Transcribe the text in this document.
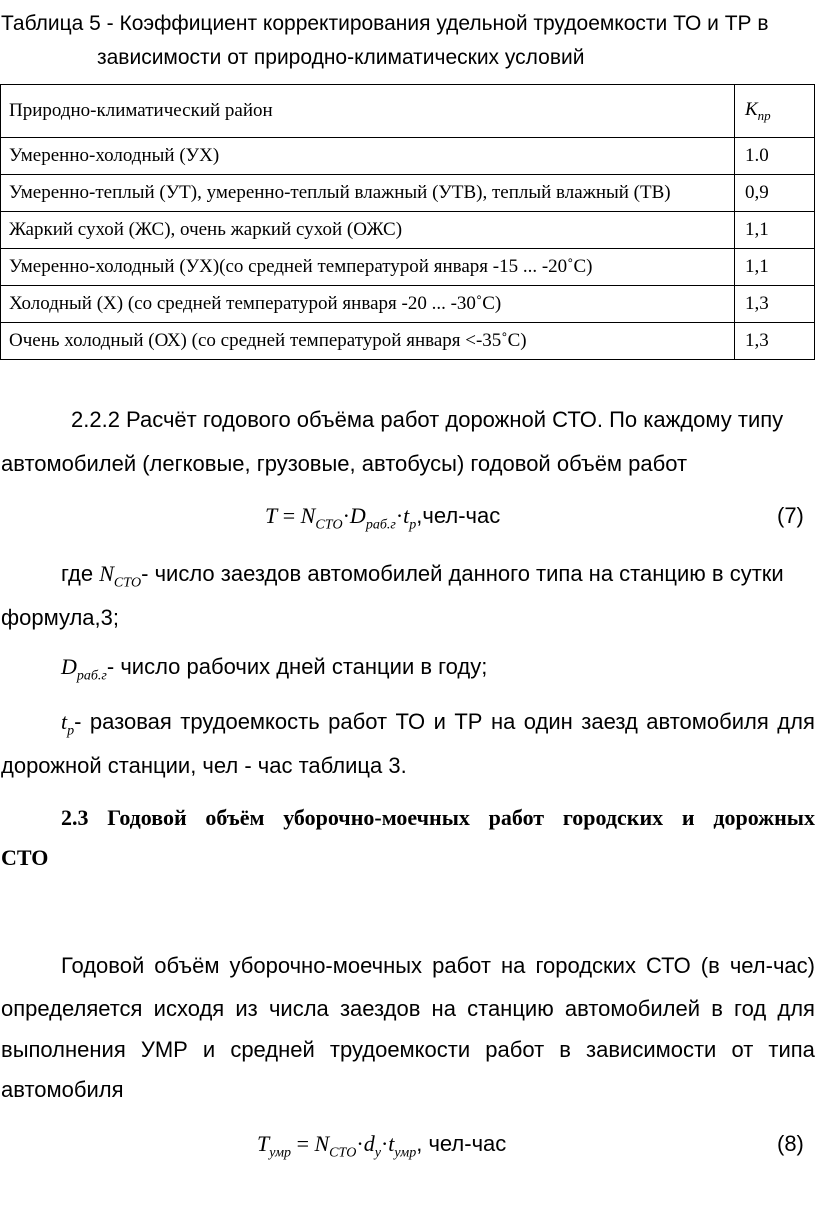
Таблица 5 - Коэффициент корректирования удельной трудоемкости ТО и ТР в
зависимости от природно-климатических условий
Природно-климатический район	$К_{пр}$
Умеренно-холодный (УХ)	1.0
Умеренно-теплый (УТ), умеренно-теплый влажный (УТВ), теплый влажный (ТВ)	0,9
Жаркий сухой (ЖС), очень жаркий сухой (ОЖС)	1,1
Умеренно-холодный (УХ)(со средней температурой января -15 ... -20˚С)	1,1
Холодный (Х) (со средней температурой января -20 ... -30˚С)	1,3
Очень холодный (ОХ) (со средней температурой января <-35˚С)	1,3
2.2.2 Расчёт годового объёма работ дорожной СТО. По каждому типу
автомобилей (легковые, грузовые, автобусы) годовой объём работ
$T = N_{СТО}\cdot D_{раб.г}\cdot t_р,чел$-час	(7)
где $N_{СТО}-$ число заездов автомобилей данного типа на станцию в сутки
формула,3;
$D_{раб.г}-$ число рабочих дней станции в году;
$t_р-$ разовая трудоемкость работ ТО и ТР на один заезд автомобиля для
дорожной станции, чел - час таблица 3.
2.3 Годовой объём уборочно-моечных работ городских и дорожных
СТО
Годовой объём уборочно-моечных работ на городских СТО (в чел-час)
определяется исходя из числа заездов на станцию автомобилей в год для
выполнения УМР и средней трудоемкости работ в зависимости от типа
автомобиля
$Т_{умр} = N_{СТО}\cdot d_у\cdot t_{умр}$, чел-час	(8)
